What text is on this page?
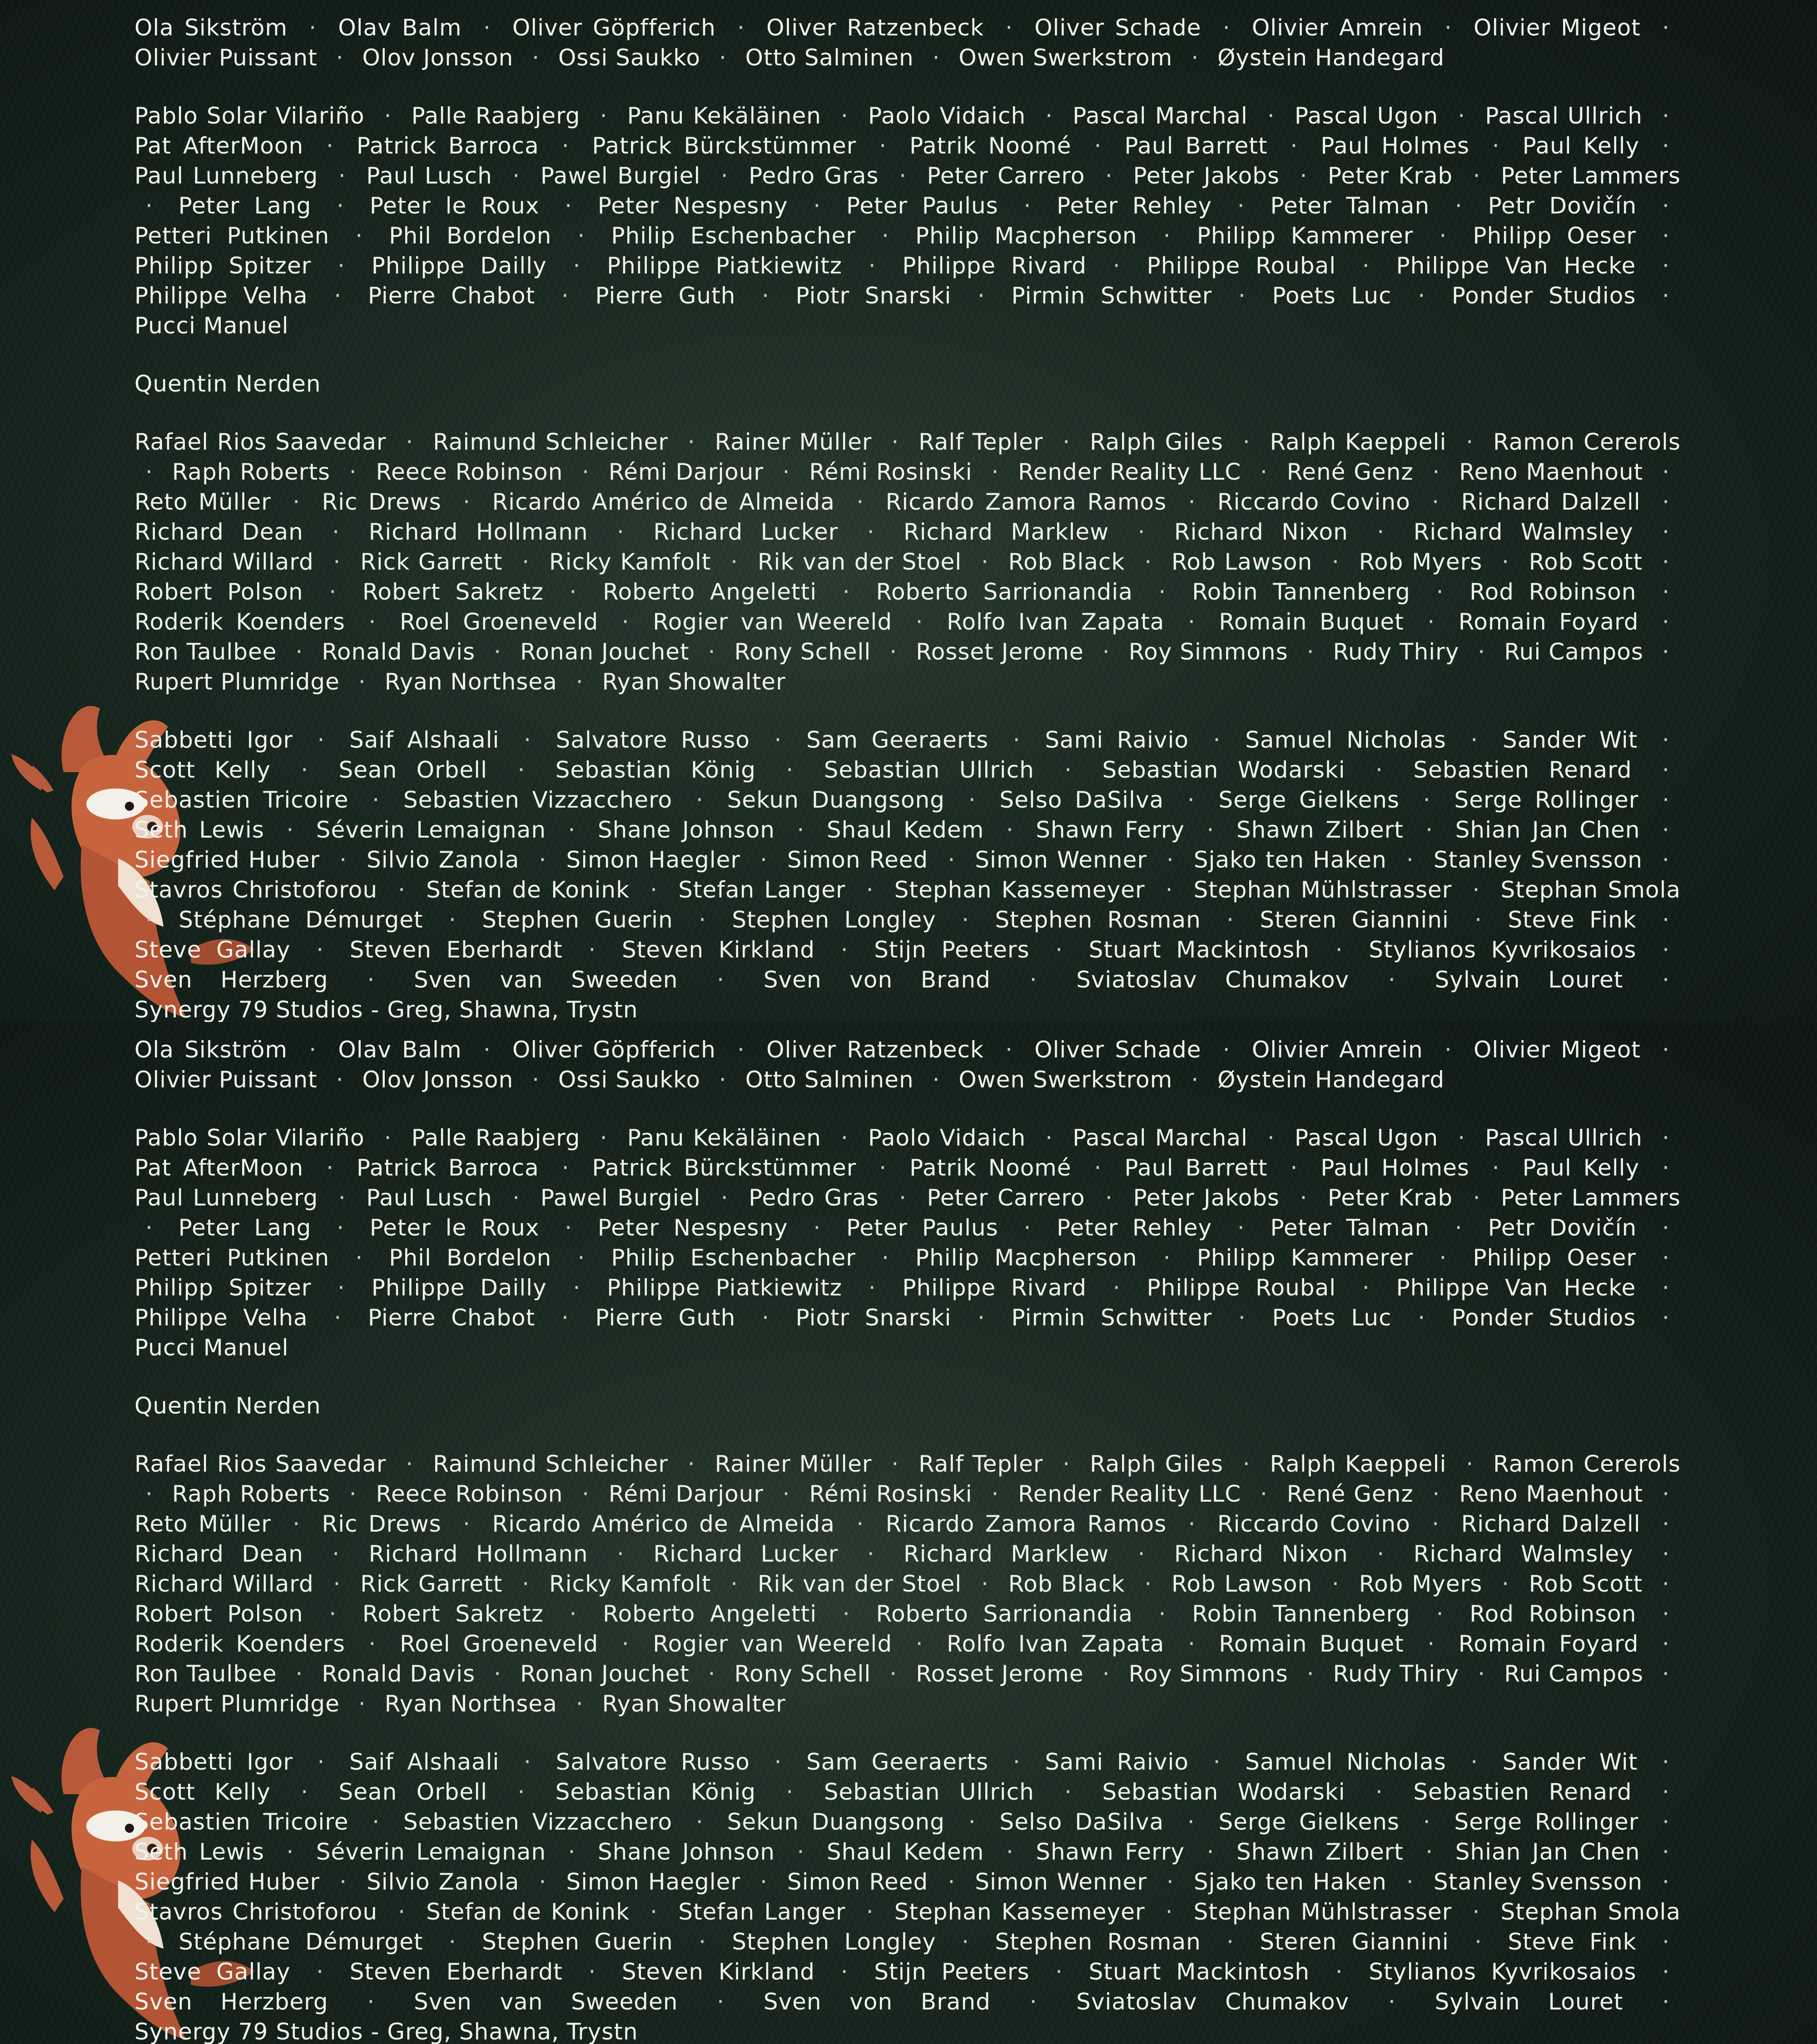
Ola Sikström · Olav Balm · Oliver Göpfferich · Oliver Ratzenbeck · Oliver Schade · Olivier Amrein · Olivier Migeot · Olivier Puissant · Olov Jonsson · Ossi Saukko · Otto Salminen · Owen Swerkstrom · Øystein Handegard
Pablo Solar Vilariño · Palle Raabjerg · Panu Kekäläinen · Paolo Vidaich · Pascal Marchal · Pascal Ugon · Pascal Ullrich · Pat AfterMoon · Patrick Barroca · Patrick Bürckstümmer · Patrik Noomé · Paul Barrett · Paul Holmes · Paul Kelly · Paul Lunneberg · Paul Lusch · Pawel Burgiel · Pedro Gras · Peter Carrero · Peter Jakobs · Peter Krab · Peter Lammers · Peter Lang · Peter le Roux · Peter Nespesny · Peter Paulus · Peter Rehley · Peter Talman · Petr Dovičín · Petteri Putkinen · Phil Bordelon · Philip Eschenbacher · Philip Macpherson · Philipp Kammerer · Philipp Oeser · Philipp Spitzer · Philippe Dailly · Philippe Piatkiewitz · Philippe Rivard · Philippe Roubal · Philippe Van Hecke · Philippe Velha · Pierre Chabot · Pierre Guth · Piotr Snarski · Pirmin Schwitter · Poets Luc · Ponder Studios · Pucci Manuel
Quentin Nerden
Rafael Rios Saavedar · Raimund Schleicher · Rainer Müller · Ralf Tepler · Ralph Giles · Ralph Kaeppeli · Ramon Cererols · Raph Roberts · Reece Robinson · Rémi Darjour · Rémi Rosinski · Render Reality LLC · René Genz · Reno Maenhout · Reto Müller · Ric Drews · Ricardo Américo de Almeida · Ricardo Zamora Ramos · Riccardo Covino · Richard Dalzell · Richard Dean · Richard Hollmann · Richard Lucker · Richard Marklew · Richard Nixon · Richard Walmsley · Richard Willard · Rick Garrett · Ricky Kamfolt · Rik van der Stoel · Rob Black · Rob Lawson · Rob Myers · Rob Scott · Robert Polson · Robert Sakretz · Roberto Angeletti · Roberto Sarrionandia · Robin Tannenberg · Rod Robinson · Roderik Koenders · Roel Groeneveld · Rogier van Weereld · Rolfo Ivan Zapata · Romain Buquet · Romain Foyard · Ron Taulbee · Ronald Davis · Ronan Jouchet · Rony Schell · Rosset Jerome · Roy Simmons · Rudy Thiry · Rui Campos · Rupert Plumridge · Ryan Northsea · Ryan Showalter
Sabbetti Igor · Saif Alshaali · Salvatore Russo · Sam Geeraerts · Sami Raivio · Samuel Nicholas · Sander Wit · Scott Kelly · Sean Orbell · Sebastian König · Sebastian Ullrich · Sebastian Wodarski · Sebastien Renard · Sebastien Tricoire · Sebastien Vizzacchero · Sekun Duangsong · Selso DaSilva · Serge Gielkens · Serge Rollinger · Seth Lewis · Séverin Lemaignan · Shane Johnson · Shaul Kedem · Shawn Ferry · Shawn Zilbert · Shian Jan Chen · Siegfried Huber · Silvio Zanola · Simon Haegler · Simon Reed · Simon Wenner · Sjako ten Haken · Stanley Svensson · Stavros Christoforou · Stefan de Konink · Stefan Langer · Stephan Kassemeyer · Stephan Mühlstrasser · Stephan Smola · Stéphane Démurget · Stephen Guerin · Stephen Longley · Stephen Rosman · Steren Giannini · Steve Fink · Steve Gallay · Steven Eberhardt · Steven Kirkland · Stijn Peeters · Stuart Mackintosh · Stylianos Kyvrikosaios · Sven Herzberg · Sven van Sweeden · Sven von Brand · Sviatoslav Chumakov · Sylvain Louret · Synergy 79 Studios - Greg, Shawna, Trystn

Ola Sikström · Olav Balm · Oliver Göpfferich · Oliver Ratzenbeck · Oliver Schade · Olivier Amrein · Olivier Migeot · Olivier Puissant · Olov Jonsson · Ossi Saukko · Otto Salminen · Owen Swerkstrom · Øystein Handegard
Pablo Solar Vilariño · Palle Raabjerg · Panu Kekäläinen · Paolo Vidaich · Pascal Marchal · Pascal Ugon · Pascal Ullrich · Pat AfterMoon · Patrick Barroca · Patrick Bürckstümmer · Patrik Noomé · Paul Barrett · Paul Holmes · Paul Kelly · Paul Lunneberg · Paul Lusch · Pawel Burgiel · Pedro Gras · Peter Carrero · Peter Jakobs · Peter Krab · Peter Lammers · Peter Lang · Peter le Roux · Peter Nespesny · Peter Paulus · Peter Rehley · Peter Talman · Petr Dovičín · Petteri Putkinen · Phil Bordelon · Philip Eschenbacher · Philip Macpherson · Philipp Kammerer · Philipp Oeser · Philipp Spitzer · Philippe Dailly · Philippe Piatkiewitz · Philippe Rivard · Philippe Roubal · Philippe Van Hecke · Philippe Velha · Pierre Chabot · Pierre Guth · Piotr Snarski · Pirmin Schwitter · Poets Luc · Ponder Studios · Pucci Manuel
Quentin Nerden
Rafael Rios Saavedar · Raimund Schleicher · Rainer Müller · Ralf Tepler · Ralph Giles · Ralph Kaeppeli · Ramon Cererols · Raph Roberts · Reece Robinson · Rémi Darjour · Rémi Rosinski · Render Reality LLC · René Genz · Reno Maenhout · Reto Müller · Ric Drews · Ricardo Américo de Almeida · Ricardo Zamora Ramos · Riccardo Covino · Richard Dalzell · Richard Dean · Richard Hollmann · Richard Lucker · Richard Marklew · Richard Nixon · Richard Walmsley · Richard Willard · Rick Garrett · Ricky Kamfolt · Rik van der Stoel · Rob Black · Rob Lawson · Rob Myers · Rob Scott · Robert Polson · Robert Sakretz · Roberto Angeletti · Roberto Sarrionandia · Robin Tannenberg · Rod Robinson · Roderik Koenders · Roel Groeneveld · Rogier van Weereld · Rolfo Ivan Zapata · Romain Buquet · Romain Foyard · Ron Taulbee · Ronald Davis · Ronan Jouchet · Rony Schell · Rosset Jerome · Roy Simmons · Rudy Thiry · Rui Campos · Rupert Plumridge · Ryan Northsea · Ryan Showalter
Sabbetti Igor · Saif Alshaali · Salvatore Russo · Sam Geeraerts · Sami Raivio · Samuel Nicholas · Sander Wit · Scott Kelly · Sean Orbell · Sebastian König · Sebastian Ullrich · Sebastian Wodarski · Sebastien Renard · Sebastien Tricoire · Sebastien Vizzacchero · Sekun Duangsong · Selso DaSilva · Serge Gielkens · Serge Rollinger · Seth Lewis · Séverin Lemaignan · Shane Johnson · Shaul Kedem · Shawn Ferry · Shawn Zilbert · Shian Jan Chen · Siegfried Huber · Silvio Zanola · Simon Haegler · Simon Reed · Simon Wenner · Sjako ten Haken · Stanley Svensson · Stavros Christoforou · Stefan de Konink · Stefan Langer · Stephan Kassemeyer · Stephan Mühlstrasser · Stephan Smola · Stéphane Démurget · Stephen Guerin · Stephen Longley · Stephen Rosman · Steren Giannini · Steve Fink · Steve Gallay · Steven Eberhardt · Steven Kirkland · Stijn Peeters · Stuart Mackintosh · Stylianos Kyvrikosaios · Sven Herzberg · Sven van Sweeden · Sven von Brand · Sviatoslav Chumakov · Sylvain Louret · Synergy 79 Studios - Greg, Shawna, Trystn
